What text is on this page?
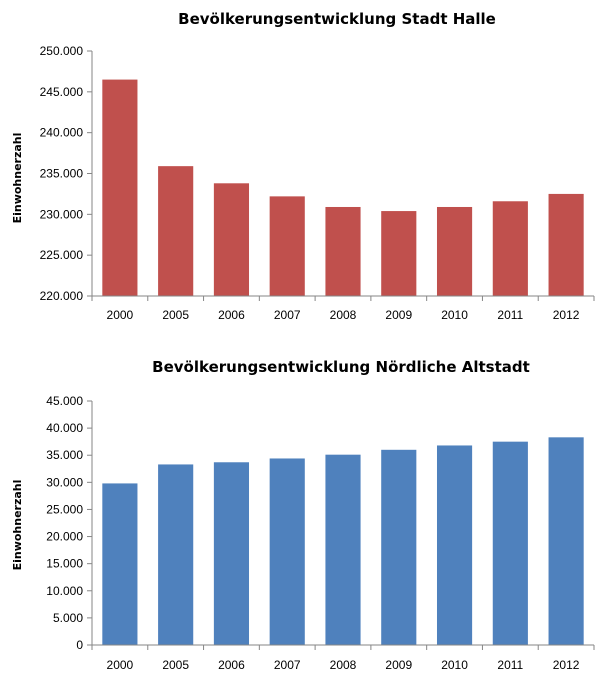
Bevölkerungsentwicklung Stadt Halle
Einwohnerzahl
220.000
225.000
230.000
235.000
240.000
245.000
250.000
2000 2005 2006 2007 2008 2009 2010 2011 2012
Bevölkerungsentwicklung Nördliche Altstadt
Einwohnerzahl
0
5.000
10.000
15.000
20.000
25.000
30.000
35.000
40.000
45.000
2000 2005 2006 2007 2008 2009 2010 2011 2012
